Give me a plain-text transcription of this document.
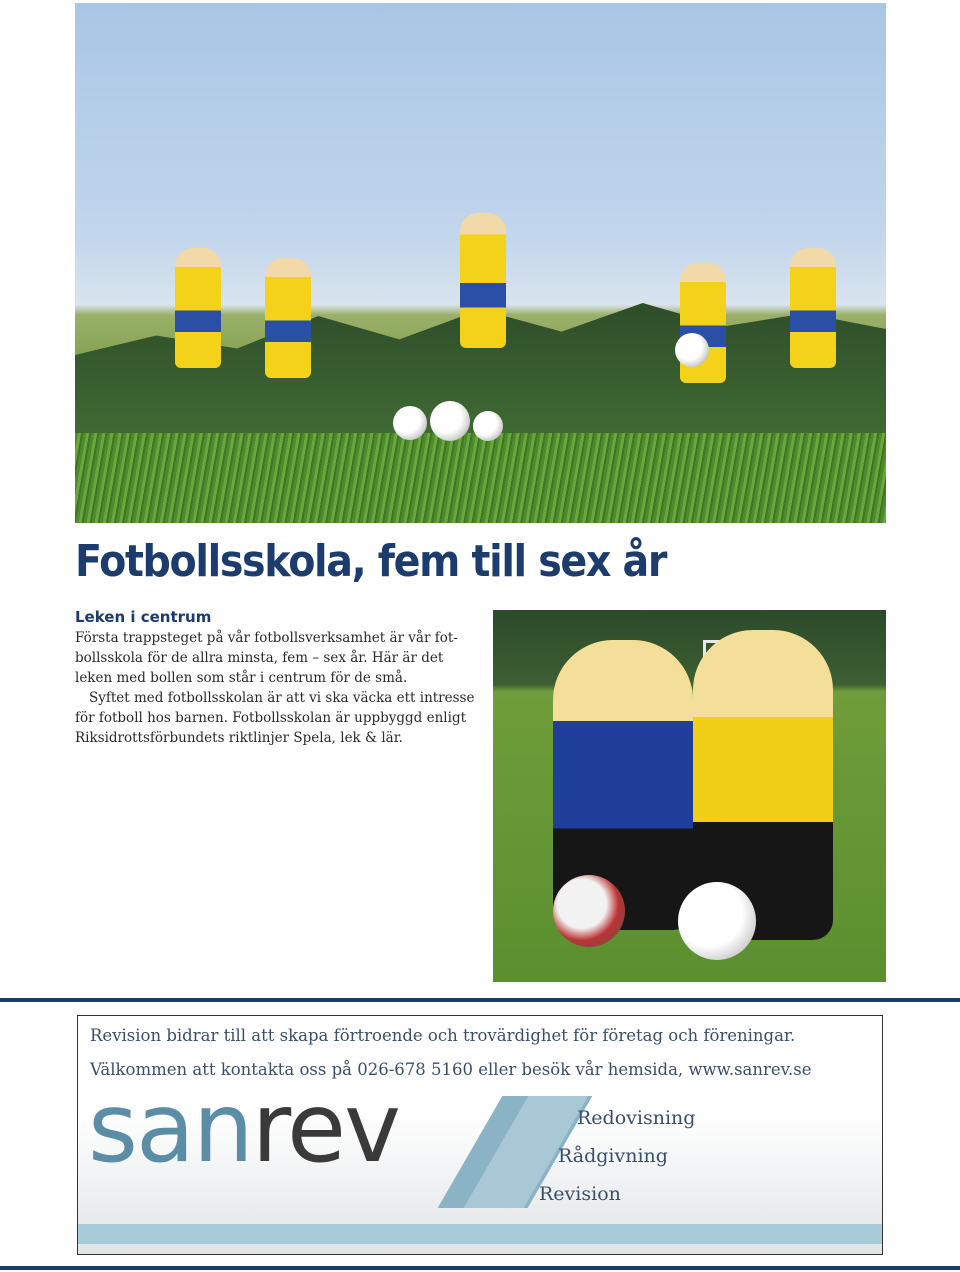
Fotbollsskola, fem till sex år
Leken i centrum

Första trappsteget på vår fotbollsverksamhet är vår fot-bollsskola för de allra minsta, fem – sex år. Här är det leken med bollen som står i centrum för de små.

Syftet med fotbollsskolan är att vi ska väcka ett intresse för fotboll hos barnen. Fotbollsskolan är uppbyggd enligt Riksidrottsförbundets riktlinjer Spela, lek & lär.

Revision bidrar till att skapa förtroende och trovärdighet för företag och föreningar.

Välkommen att kontakta oss på 026-678 5160 eller besök vår hemsida, www.sanrev.se

sanrev	Redovisning

Rådgivning

Revision
